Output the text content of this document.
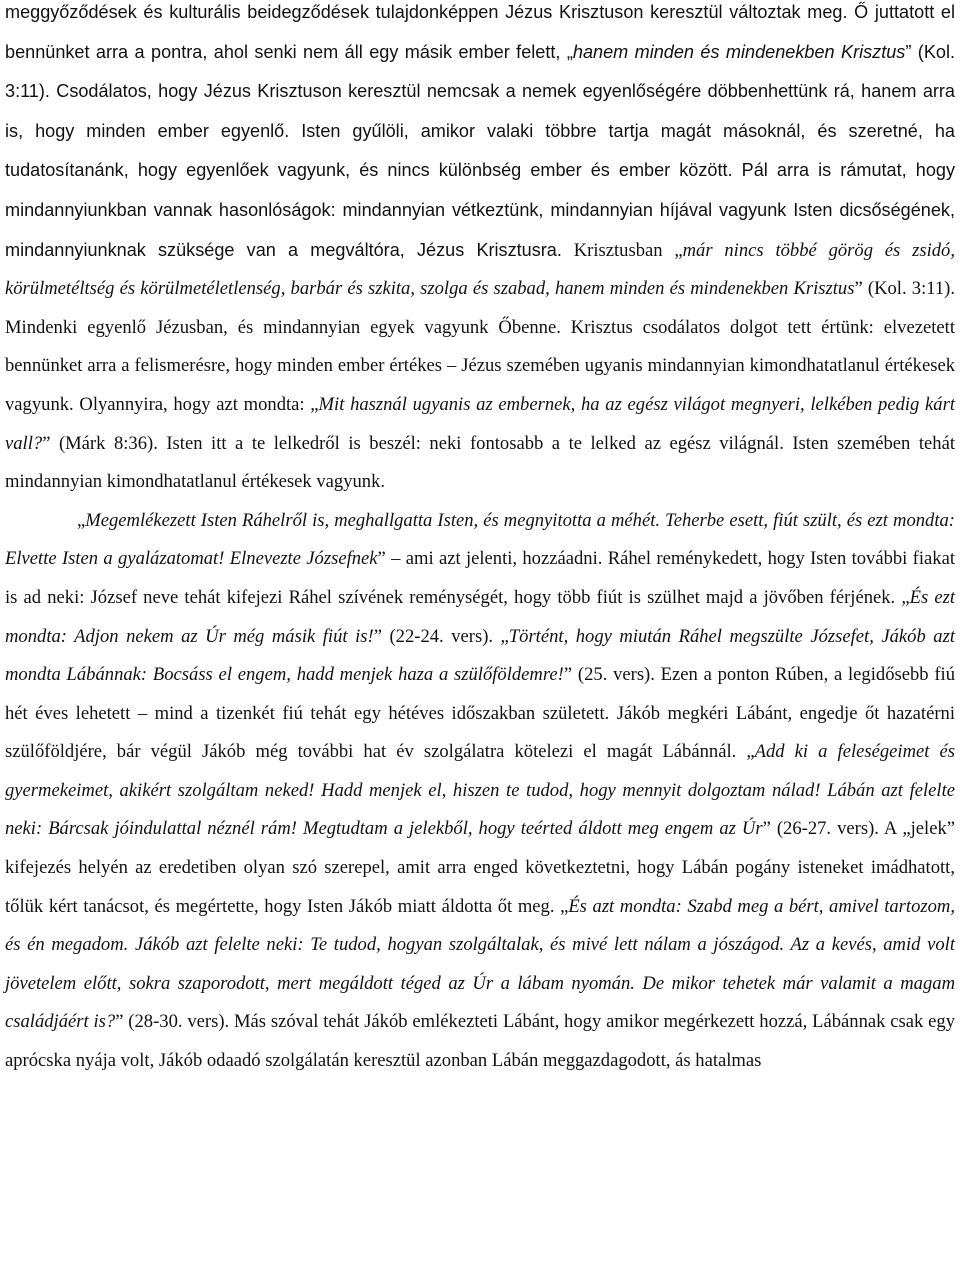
meggyőződések és kulturális beidegződések tulajdonképpen Jézus Krisztuson keresztül változtak meg. Ő juttatott el bennünket arra a pontra, ahol senki nem áll egy másik ember felett, „hanem minden és mindenekben Krisztus” (Kol. 3:11). Csodálatos, hogy Jézus Krisztuson keresztül nemcsak a nemek egyenlőségére döbbenhettünk rá, hanem arra is, hogy minden ember egyenlő. Isten gyűlöli, amikor valaki többre tartja magát másoknál, és szeretné, ha tudatosítanánk, hogy egyenlőek vagyunk, és nincs különbség ember és ember között. Pál arra is rámutat, hogy mindannyiunkban vannak hasonlóságok: mindannyian vétkeztünk, mindannyian híjával vagyunk Isten dicsőségének, mindannyiunknak szüksége van a megváltóra, Jézus Krisztusra. Krisztusban „már nincs többé görög és zsidó, körülmetéltség és körülmetéletlenség, barbár és szkita, szolga és szabad, hanem minden és mindenekben Krisztus” (Kol. 3:11). Mindenki egyenlő Jézusban, és mindannyian egyek vagyunk Őbenne. Krisztus csodálatos dolgot tett értünk: elvezetett bennünket arra a felismerésre, hogy minden ember értékes – Jézus szemében ugyanis mindannyian kimondhatatlanul értékesek vagyunk. Olyannyira, hogy azt mondta: „Mit használ ugyanis az embernek, ha az egész világot megnyeri, lelkében pedig kárt vall?” (Márk 8:36). Isten itt a te lelkedről is beszél: neki fontosabb a te lelked az egész világnál. Isten szemében tehát mindannyian kimondhatatlanul értékesek vagyunk.

„Megemlékezett Isten Ráhelről is, meghallgatta Isten, és megnyitotta a méhét. Teherbe esett, fiút szült, és ezt mondta: Elvette Isten a gyalázatomat! Elnevezte Józsefnek” – ami azt jelenti, hozzáadni. Ráhel reménykedett, hogy Isten további fiakat is ad neki: József neve tehát kifejezi Ráhel szívének reménységét, hogy több fiút is szülhet majd a jövőben férjének. „És ezt mondta: Adjon nekem az Úr még másik fiút is!” (22-24. vers). „Történt, hogy miután Ráhel megszülte Józsefet, Jákób azt mondta Lábánnak: Bocsáss el engem, hadd menjek haza a szülőföldemre!” (25. vers). Ezen a ponton Rúben, a legidősebb fiú hét éves lehetett – mind a tizenkét fiú tehát egy hétéves időszakban született. Jákób megkéri Lábánt, engedje őt hazatérni szülőföldjére, bár végül Jákób még további hat év szolgálatra kötelezi el magát Lábánnál. „Add ki a feleségeimet és gyermekeimet, akikért szolgáltam neked! Hadd menjek el, hiszen te tudod, hogy mennyit dolgoztam nálad! Lábán azt felelte neki: Bárcsak jóindulattal néznél rám! Megtudtam a jelekből, hogy teérted áldott meg engem az Úr” (26-27. vers). A „jelek” kifejezés helyén az eredetiben olyan szó szerepel, amit arra enged következtetni, hogy Lábán pogány isteneket imádhatott, tőlük kért tanácsot, és megértette, hogy Isten Jákób miatt áldotta őt meg. „És azt mondta: Szabd meg a bért, amivel tartozom, és én megadom. Jákób azt felelte neki: Te tudod, hogyan szolgáltalak, és mivé lett nálam a jószágod. Az a kevés, amid volt jövetelem előtt, sokra szaporodott, mert megáldott téged az Úr a lábam nyomán. De mikor tehetek már valamit a magam családjáért is?” (28-30. vers). Más szóval tehát Jákób emlékezteti Lábánt, hogy amikor megérkezett hozzá, Lábánnak csak egy aprócska nyája volt, Jákób odaadó szolgálatán keresztül azonban Lábán meggazdagodott, ás hatalmas
